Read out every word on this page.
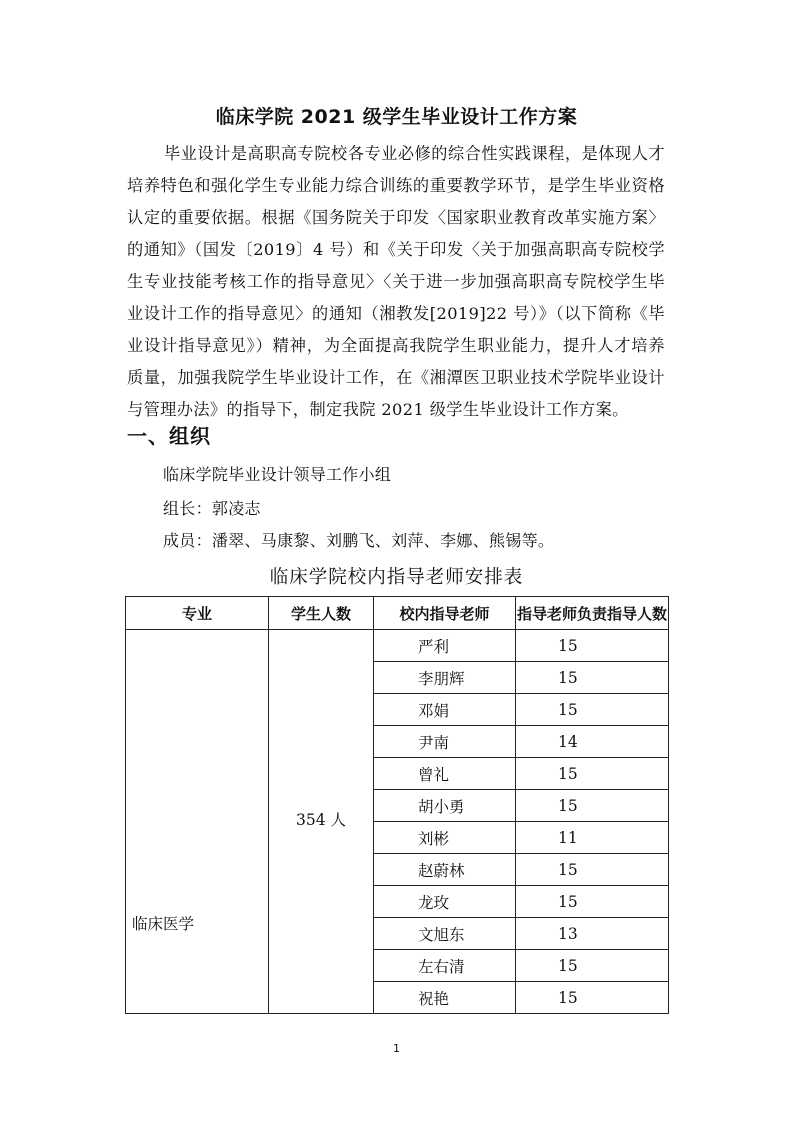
临床学院 2021 级学生毕业设计工作方案

毕业设计是高职高专院校各专业必修的综合性实践课程，是体现人才培养特色和强化学生专业能力综合训练的重要教学环节，是学生毕业资格认定的重要依据。根据《国务院关于印发〈国家职业教育改革实施方案〉的通知》（国发〔2019〕4 号）和《关于印发〈关于加强高职高专院校学生专业技能考核工作的指导意见〉〈关于进一步加强高职高专院校学生毕业设计工作的指导意见〉的通知（湘教发[2019]22 号）》（以下简称《毕业设计指导意见》）精神，为全面提高我院学生职业能力，提升人才培养质量，加强我院学生毕业设计工作，在《湘潭医卫职业技术学院毕业设计与管理办法》的指导下，制定我院 2021 级学生毕业设计工作方案。

一、组织

临床学院毕业设计领导工作小组

组长：郭凌志

成员：潘翠、马康黎、刘鹏飞、刘萍、李娜、熊锡等。

临床学院校内指导老师安排表
专业	学生人数	校内指导老师	指导老师负责指导人数
临床医学	354 人	严利	15
		李朋辉	15
		邓娟	15
		尹南	14
		曾礼	15
		胡小勇	15
		刘彬	11
		赵蔚林	15
		龙玫	15
		文旭东	13
		左右清	15
		祝艳	15
1
